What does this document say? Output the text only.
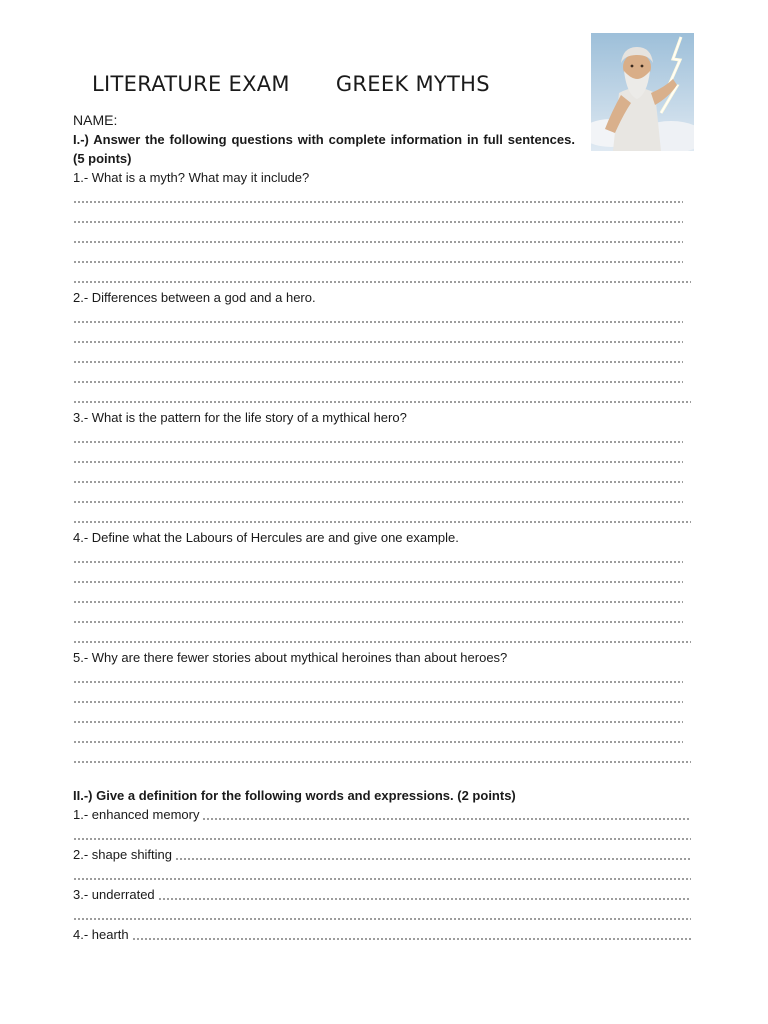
LITERATURE EXAM GREEK MYTHS
NAME:
I.-) Answer the following questions with complete information in full sentences. (5 points)
1.- What is a myth? What may it include?
2.- Differences between a god and a hero.
3.- What is the pattern for the life story of a mythical hero?
4.- Define what the Labours of Hercules are and give one example.
5.- Why are there fewer stories about mythical heroines than about heroes?
II.-) Give a definition for the following words and expressions. (2 points)
1.- enhanced memory
2.- shape shifting
3.- underrated
4.- hearth
